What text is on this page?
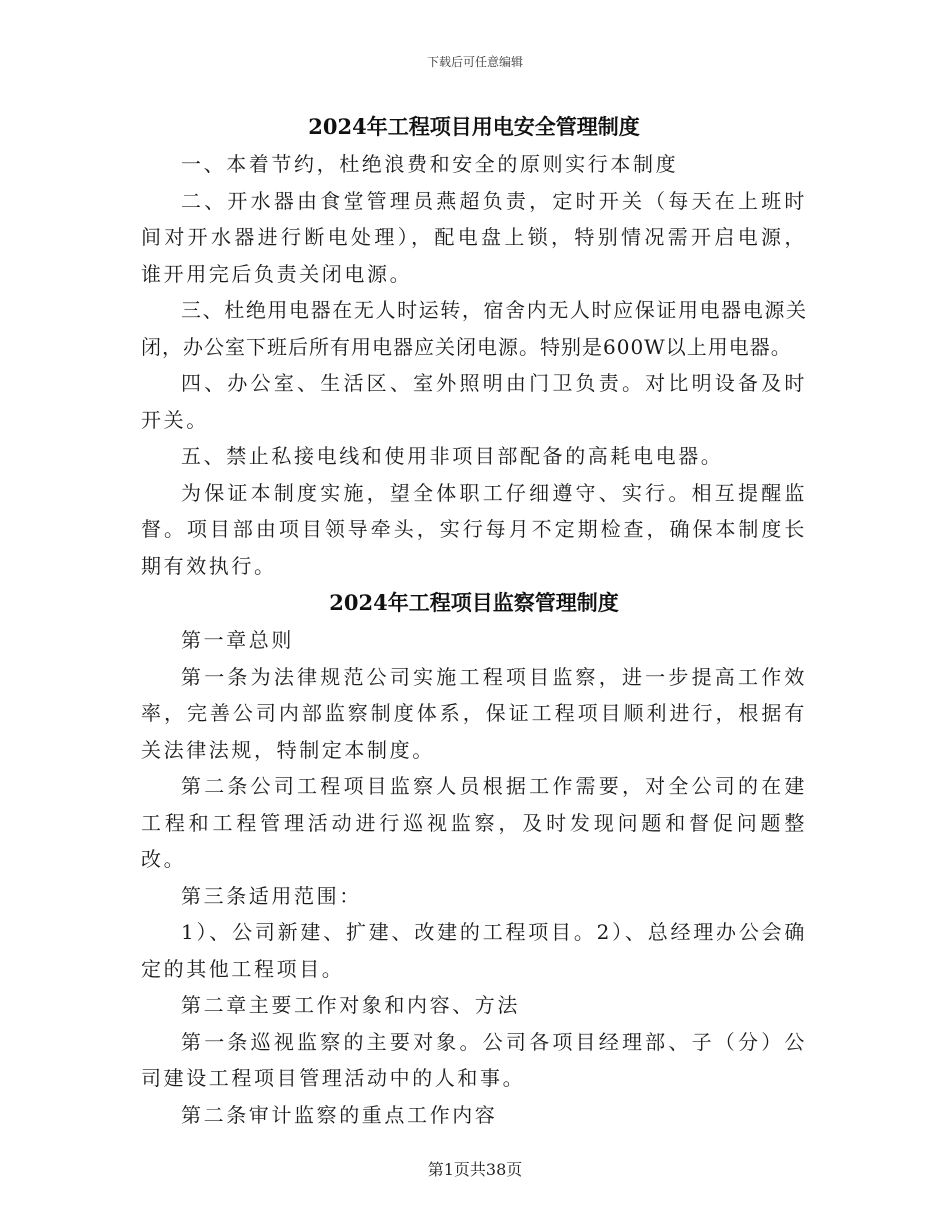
下载后可任意编辑
2024年工程项目用电安全管理制度

一、本着节约，杜绝浪费和安全的原则实行本制度

二、开水器由食堂管理员燕超负责，定时开关（每天在上班时间对开水器进行断电处理），配电盘上锁，特别情况需开启电源，谁开用完后负责关闭电源。

三、杜绝用电器在无人时运转，宿舍内无人时应保证用电器电源关闭，办公室下班后所有用电器应关闭电源。特别是600W以上用电器。

四、办公室、生活区、室外照明由门卫负责。对比明设备及时开关。

五、禁止私接电线和使用非项目部配备的高耗电电器。

为保证本制度实施，望全体职工仔细遵守、实行。相互提醒监督。项目部由项目领导牵头，实行每月不定期检查，确保本制度长期有效执行。

2024年工程项目监察管理制度

第一章总则

第一条为法律规范公司实施工程项目监察，进一步提高工作效率，完善公司内部监察制度体系，保证工程项目顺利进行，根据有关法律法规，特制定本制度。

第二条公司工程项目监察人员根据工作需要，对全公司的在建工程和工程管理活动进行巡视监察，及时发现问题和督促问题整改。

第三条适用范围：

1）、公司新建、扩建、改建的工程项目。2）、总经理办公会确定的其他工程项目。

第二章主要工作对象和内容、方法

第一条巡视监察的主要对象。公司各项目经理部、子（分）公司建设工程项目管理活动中的人和事。

第二条审计监察的重点工作内容

第1页共38页
